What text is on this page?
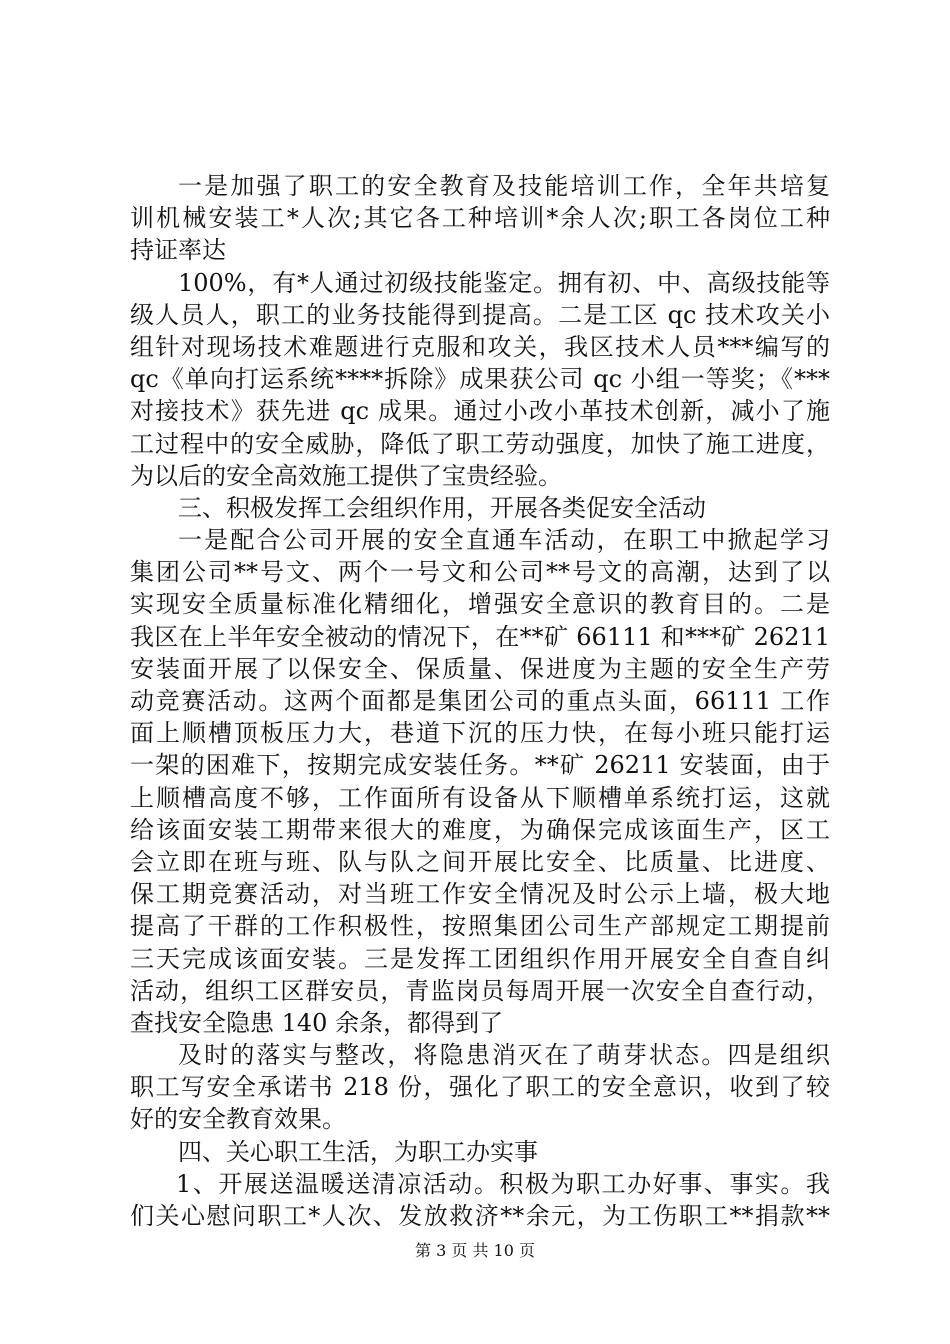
一是加强了职工的安全教育及技能培训工作，全年共培复
训机械安装工*人次;其它各工种培训*余人次;职工各岗位工种
持证率达
100%，有*人通过初级技能鉴定。拥有初、中、高级技能等
级人员人，职工的业务技能得到提高。二是工区 qc 技术攻关小
组针对现场技术难题进行克服和攻关，我区技术人员***编写的
qc《单向打运系统****拆除》成果获公司 qc 小组一等奖；《***
对接技术》获先进 qc 成果。通过小改小革技术创新，减小了施
工过程中的安全威胁，降低了职工劳动强度，加快了施工进度，
为以后的安全高效施工提供了宝贵经验。
三、积极发挥工会组织作用，开展各类促安全活动
一是配合公司开展的安全直通车活动，在职工中掀起学习
集团公司**号文、两个一号文和公司**号文的高潮，达到了以
实现安全质量标准化精细化，增强安全意识的教育目的。二是
我区在上半年安全被动的情况下，在**矿 66111 和***矿 26211
安装面开展了以保安全、保质量、保进度为主题的安全生产劳
动竞赛活动。这两个面都是集团公司的重点头面，66111 工作
面上顺槽顶板压力大，巷道下沉的压力快，在每小班只能打运
一架的困难下，按期完成安装任务。**矿 26211 安装面，由于
上顺槽高度不够，工作面所有设备从下顺槽单系统打运，这就
给该面安装工期带来很大的难度，为确保完成该面生产，区工
会立即在班与班、队与队之间开展比安全、比质量、比进度、
保工期竞赛活动，对当班工作安全情况及时公示上墙，极大地
提高了干群的工作积极性，按照集团公司生产部规定工期提前
三天完成该面安装。三是发挥工团组织作用开展安全自查自纠
活动，组织工区群安员，青监岗员每周开展一次安全自查行动，
查找安全隐患 140 余条，都得到了
及时的落实与整改，将隐患消灭在了萌芽状态。四是组织
职工写安全承诺书 218 份，强化了职工的安全意识，收到了较
好的安全教育效果。
四、关心职工生活，为职工办实事
1、开展送温暖送清凉活动。积极为职工办好事、事实。我
们关心慰问职工*人次、发放救济**余元，为工伤职工**捐款**
第 3 页 共 10 页
